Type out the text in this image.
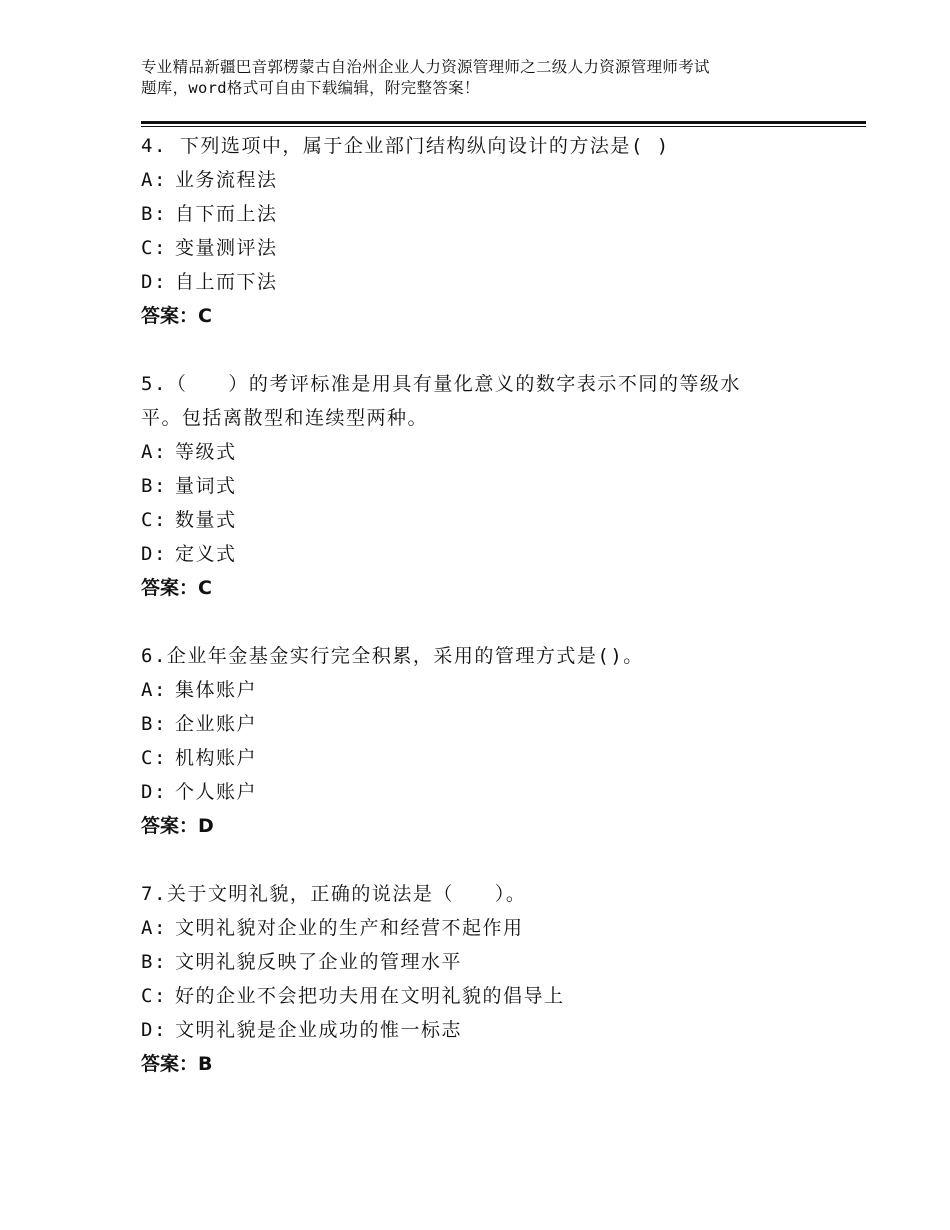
专业精品新疆巴音郭楞蒙古自治州企业人力资源管理师之二级人力资源管理师考试
题库，word格式可自由下载编辑，附完整答案！
4. 下列选项中，属于企业部门结构纵向设计的方法是( )
A: 业务流程法
B: 自下而上法
C: 变量测评法
D: 自上而下法
答案：C
5.（　　）的考评标准是用具有量化意义的数字表示不同的等级水
平。包括离散型和连续型两种。
A: 等级式
B: 量词式
C: 数量式
D: 定义式
答案：C
6.企业年金基金实行完全积累，采用的管理方式是()。
A: 集体账户
B: 企业账户
C: 机构账户
D: 个人账户
答案：D
7.关于文明礼貌，正确的说法是（　　）。
A: 文明礼貌对企业的生产和经营不起作用
B: 文明礼貌反映了企业的管理水平
C: 好的企业不会把功夫用在文明礼貌的倡导上
D: 文明礼貌是企业成功的惟一标志
答案：B
